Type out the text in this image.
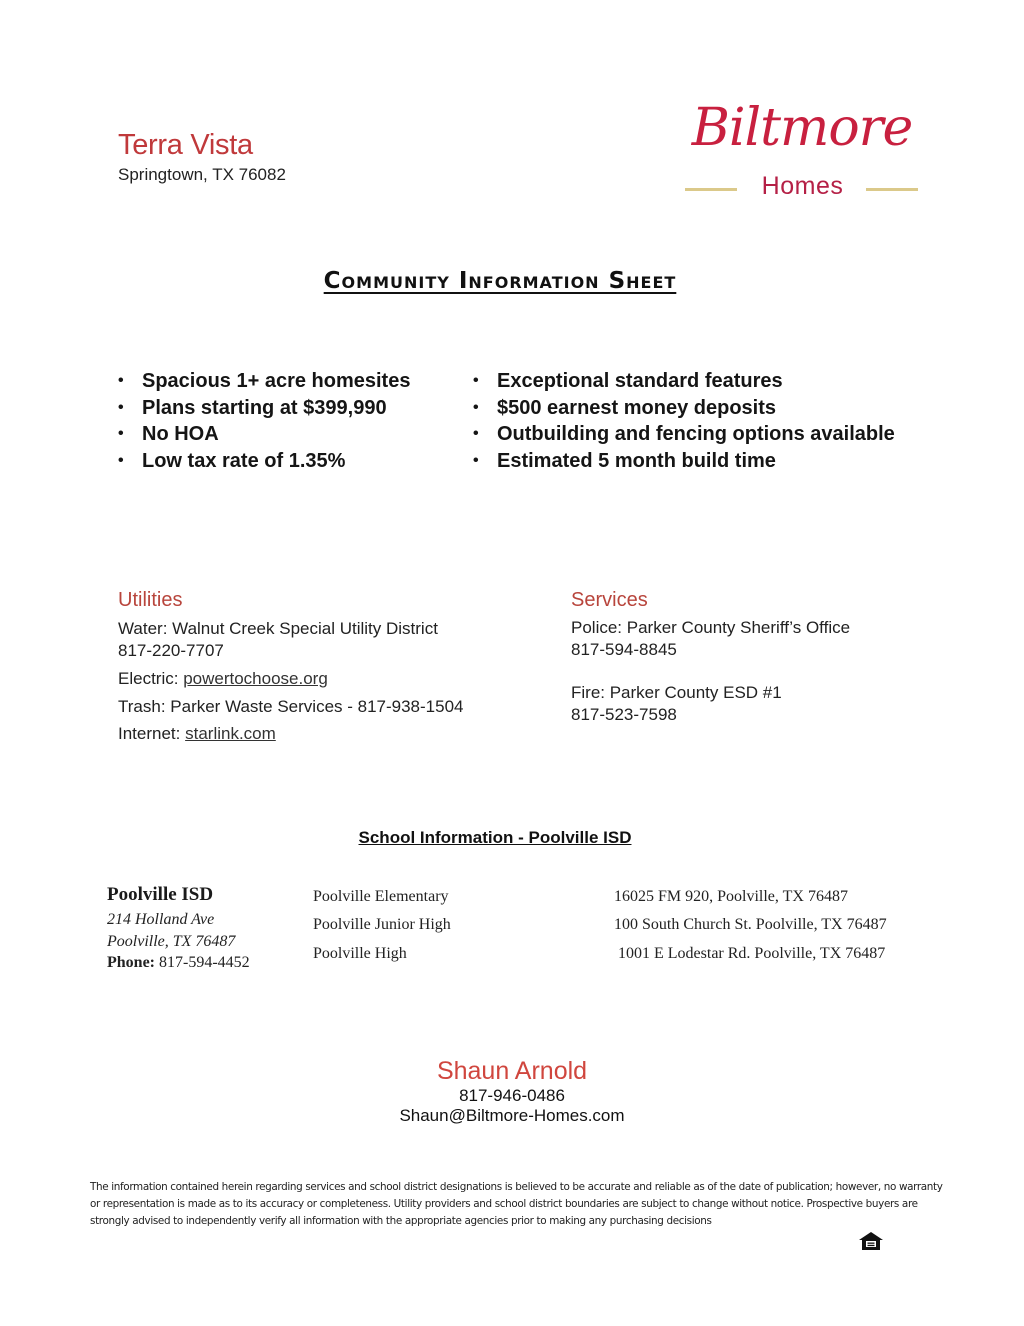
Terra Vista
Springtown, TX 76082
Biltmore
Homes
Community Information Sheet
• Spacious 1+ acre homesites
• Plans starting at $399,990
• No HOA
• Low tax rate of 1.35%
• Exceptional standard features
• $500 earnest money deposits
• Outbuilding and fencing options available
• Estimated 5 month build time
Utilities
Water: Walnut Creek Special Utility District
817-220-7707
Electric: powertochoose.org
Trash: Parker Waste Services - 817-938-1504
Internet: starlink.com
Services
Police: Parker County Sheriff’s Office
817-594-8845
Fire: Parker County ESD #1
817-523-7598
School Information - Poolville ISD
Poolville ISD
214 Holland Ave
Poolville, TX 76487
Phone: 817-594-4452
Poolville Elementary
Poolville Junior High
Poolville High
16025 FM 920, Poolville, TX 76487
100 South Church St. Poolville, TX 76487
1001 E Lodestar Rd. Poolville, TX 76487
Shaun Arnold
817-946-0486
Shaun@Biltmore-Homes.com
The information contained herein regarding services and school district designations is believed to be accurate and reliable as of the date of publication; however, no warranty or representation is made as to its accuracy or completeness. Utility providers and school district boundaries are subject to change without notice. Prospective buyers are strongly advised to independently verify all information with the appropriate agencies prior to making any purchasing decisions
